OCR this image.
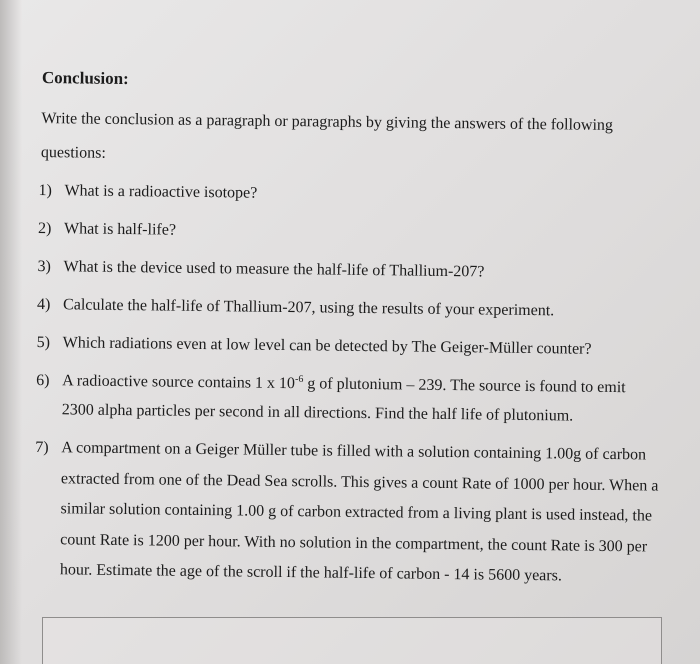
Conclusion:
Write the conclusion as a paragraph or paragraphs by giving the answers of the following questions:
1) What is a radioactive isotope?
2) What is half-life?
3) What is the device used to measure the half-life of Thallium-207?
4) Calculate the half-life of Thallium-207, using the results of your experiment.
5) Which radiations even at low level can be detected by The Geiger-Müller counter?
6) A radioactive source contains 1 x $10^{-6}$ g of plutonium – 239. The source is found to emit 2300 alpha particles per second in all directions. Find the half life of plutonium.
7) A compartment on a Geiger Müller tube is filled with a solution containing 1.00g of carbon extracted from one of the Dead Sea scrolls. This gives a count Rate of 1000 per hour. When a similar solution containing 1.00 g of carbon extracted from a living plant is used instead, the count Rate is 1200 per hour. With no solution in the compartment, the count Rate is 300 per hour. Estimate the age of the scroll if the half-life of carbon - 14 is 5600 years.
